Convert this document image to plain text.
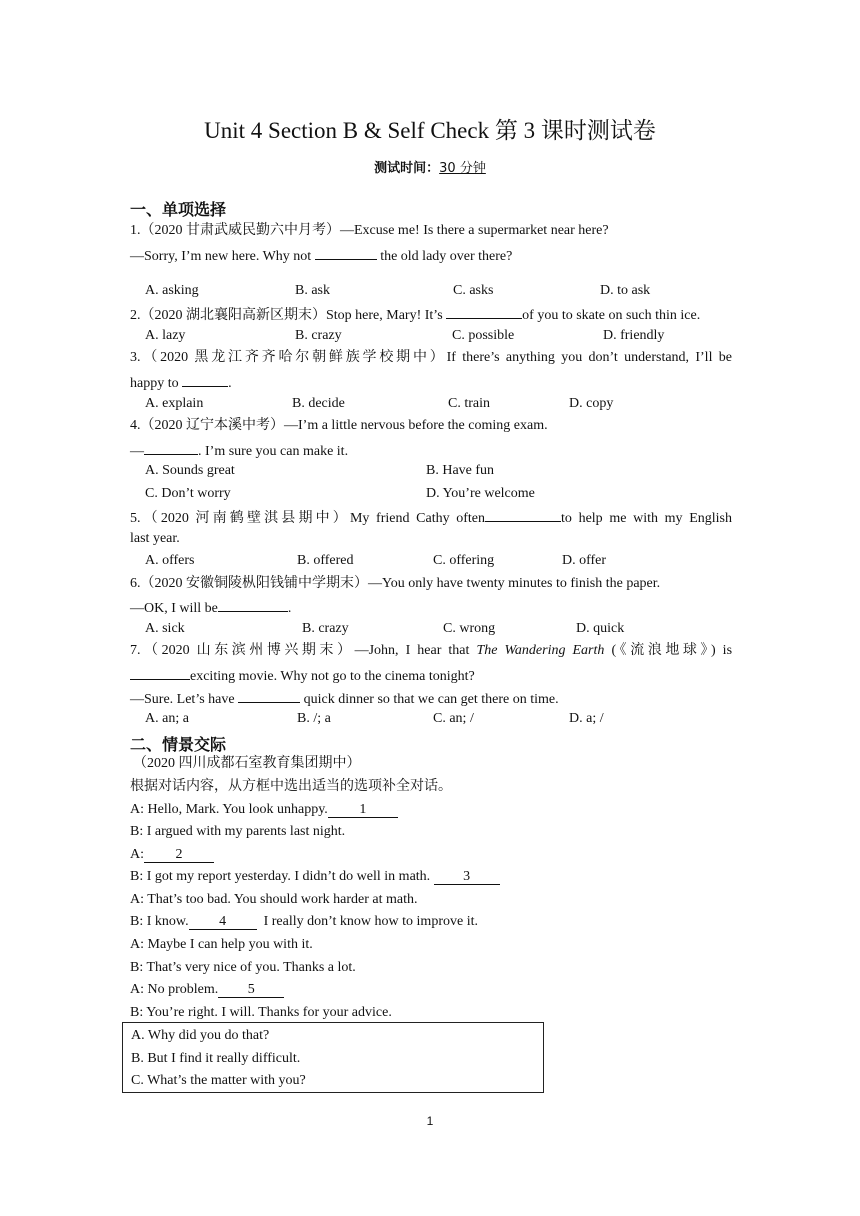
Unit 4 Section B & Self Check 第 3 课时测试卷
测试时间：30 分钟
一、单项选择
1.（2020 甘肃武威民勤六中月考）—Excuse me! Is there a supermarket near here?
—Sorry, I’m new here. Why not	the old lady over there?
A. asking	B. ask	C. asks	D. to ask
2.（2020 湖北襄阳高新区期末）Stop here, Mary! It’s	of you to skate on such thin ice.
A. lazy	B. crazy	C. possible	D. friendly
3.（2020 黑龙江齐齐哈尔朝鲜族学校期中）If there’s anything you don’t understand, I’ll be
happy to	.
A. explain	B. decide	C. train	D. copy
4.（2020 辽宁本溪中考）—I’m a little nervous before the coming exam.
—	. I’m sure you can make it.
A. Sounds great	B. Have fun
C. Don’t worry	D. You’re welcome
5.（2020 河南鹤壁淇县期中）My friend Cathy often	to help me with my English
last year.
A. offers	B. offered	C. offering	D. offer
6.（2020 安徽铜陵枞阳钱铺中学期末）—You only have twenty minutes to finish the paper.
—OK, I will be	.
A. sick	B. crazy	C. wrong	D. quick
7.（2020 山东滨州博兴期末）—John, I hear that The Wandering Earth (《流浪地球》) is
exciting movie. Why not go to the cinema tonight?
—Sure. Let’s have	quick dinner so that we can get there on time.
A. an; a	B. /; a	C. an; /	D. a; /
二、情景交际
（2020 四川成都石室教育集团期中）
根据对话内容，从方框中选出适当的选项补全对话。
A: Hello, Mark. You look unhappy. 1
B: I argued with my parents last night.
A: 2
B: I got my report yesterday. I didn’t do well in math. 3
A: That’s too bad. You should work harder at math.
B: I know. 4	I really don’t know how to improve it.
A: Maybe I can help you with it.
B: That’s very nice of you. Thanks a lot.
A: No problem. 5
B: You’re right. I will. Thanks for your advice.
A. Why did you do that?
B. But I find it really difficult.
C. What’s the matter with you?
1
